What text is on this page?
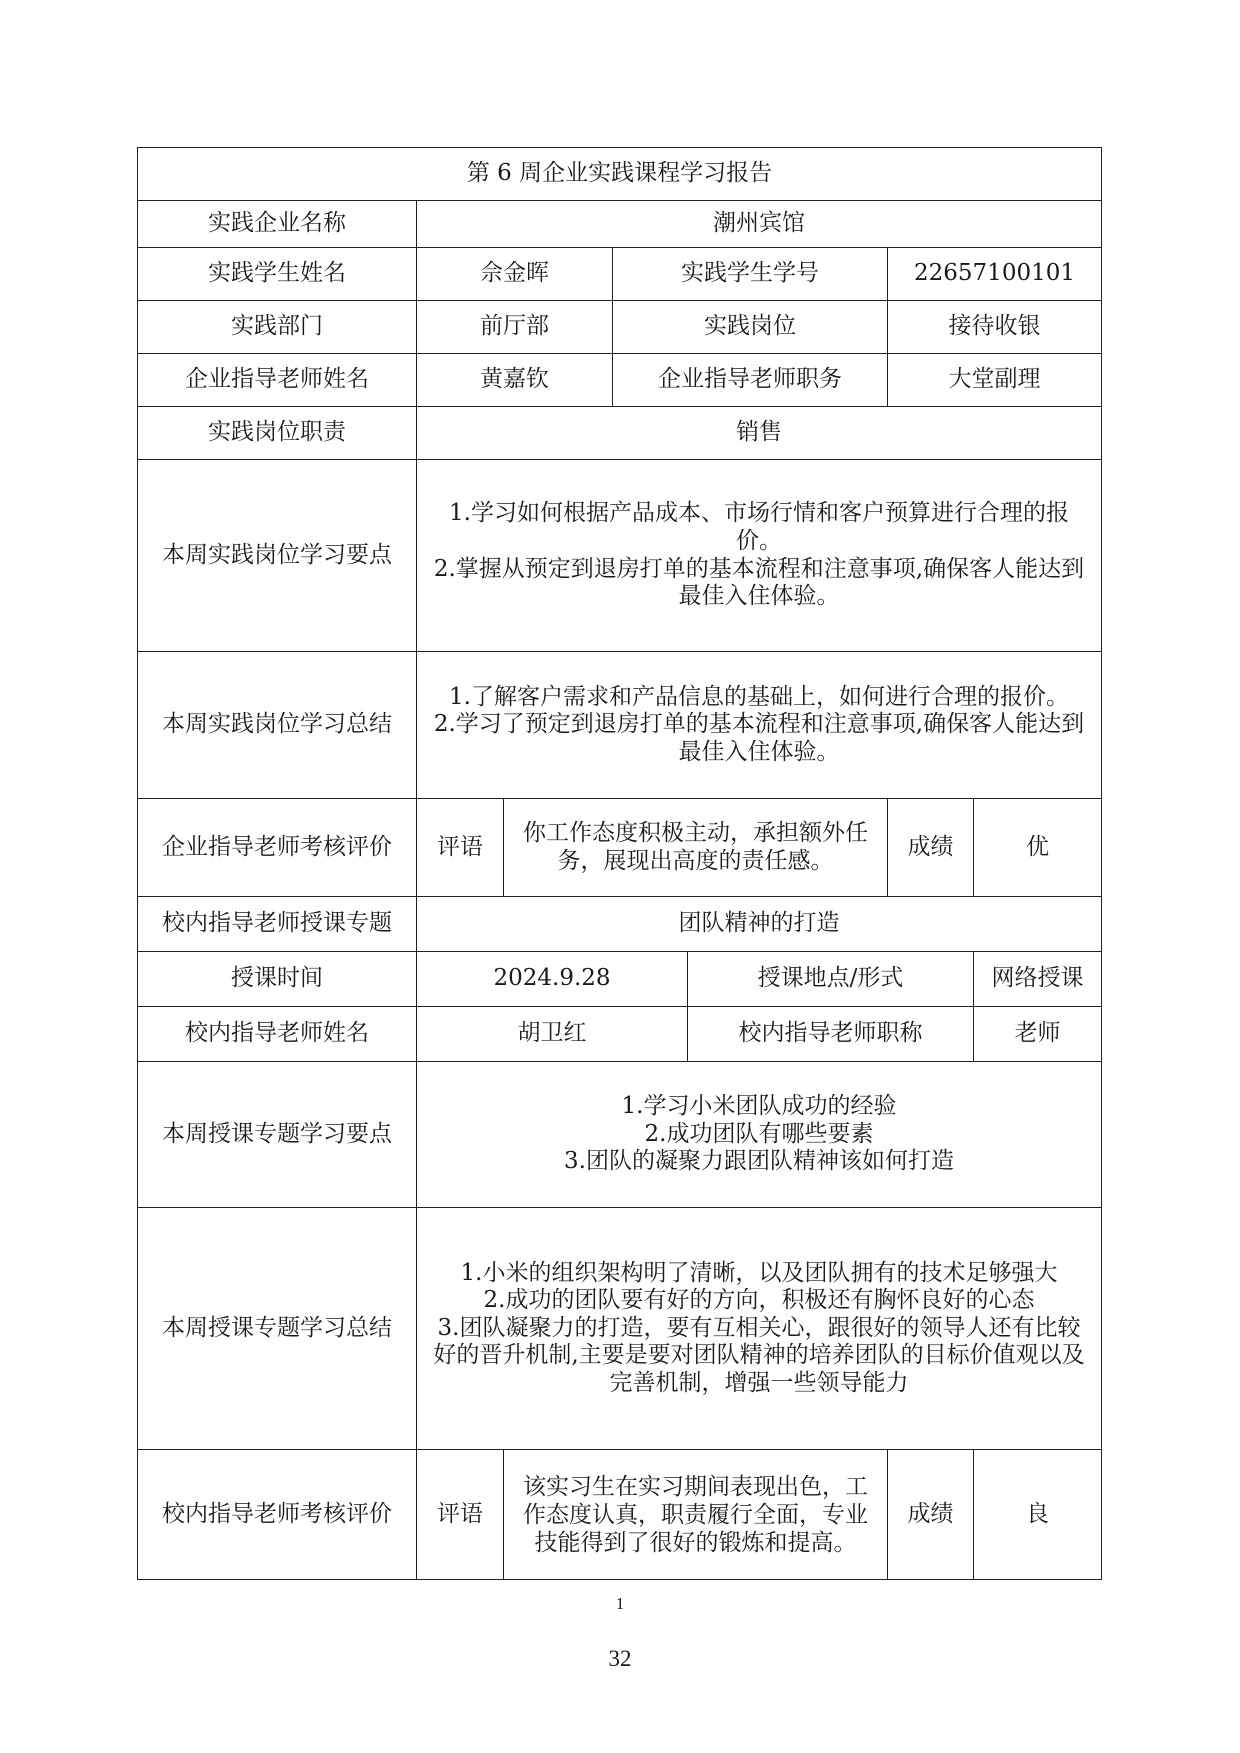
第 6 周企业实践课程学习报告						
实践企业名称	潮州宾馆					
实践学生姓名	佘金晖		实践学生学号		22657100101	
实践部门	前厅部		实践岗位		接待收银	
企业指导老师姓名	黄嘉钦		企业指导老师职务		大堂副理	
实践岗位职责	销售					
本周实践岗位学习要点	1.学习如何根据产品成本、市场行情和客户预算进行合理的报价。

2.掌握从预定到退房打单的基本流程和注意事项,确保客人能达到最佳入住体验。					

本周实践岗位学习总结	1.了解客户需求和产品信息的基础上，如何进行合理的报价。

2.学习了预定到退房打单的基本流程和注意事项,确保客人能达到最佳入住体验。					

企业指导老师考核评价	评语	你工作态度积极主动，承担额外任务，展现出高度的责任感。			成绩	优
校内指导老师授课专题	团队精神的打造					
授课时间	2024.9.28			授课地点/形式		网络授课
校内指导老师姓名	胡卫红			校内指导老师职称		老师
本周授课专题学习要点	1.学习小米团队成功的经验

2.成功团队有哪些要素

3.团队的凝聚力跟团队精神该如何打造					

本周授课专题学习总结	1.小米的组织架构明了清晰，以及团队拥有的技术足够强大

2.成功的团队要有好的方向，积极还有胸怀良好的心态

3.团队凝聚力的打造，要有互相关心，跟很好的领导人还有比较好的晋升机制,主要是要对团队精神的培养团队的目标价值观以及完善机制，增强一些领导能力					

校内指导老师考核评价	评语	该实习生在实习期间表现出色，工作态度认真，职责履行全面，专业技能得到了很好的锻炼和提高。			成绩	良
1
32
